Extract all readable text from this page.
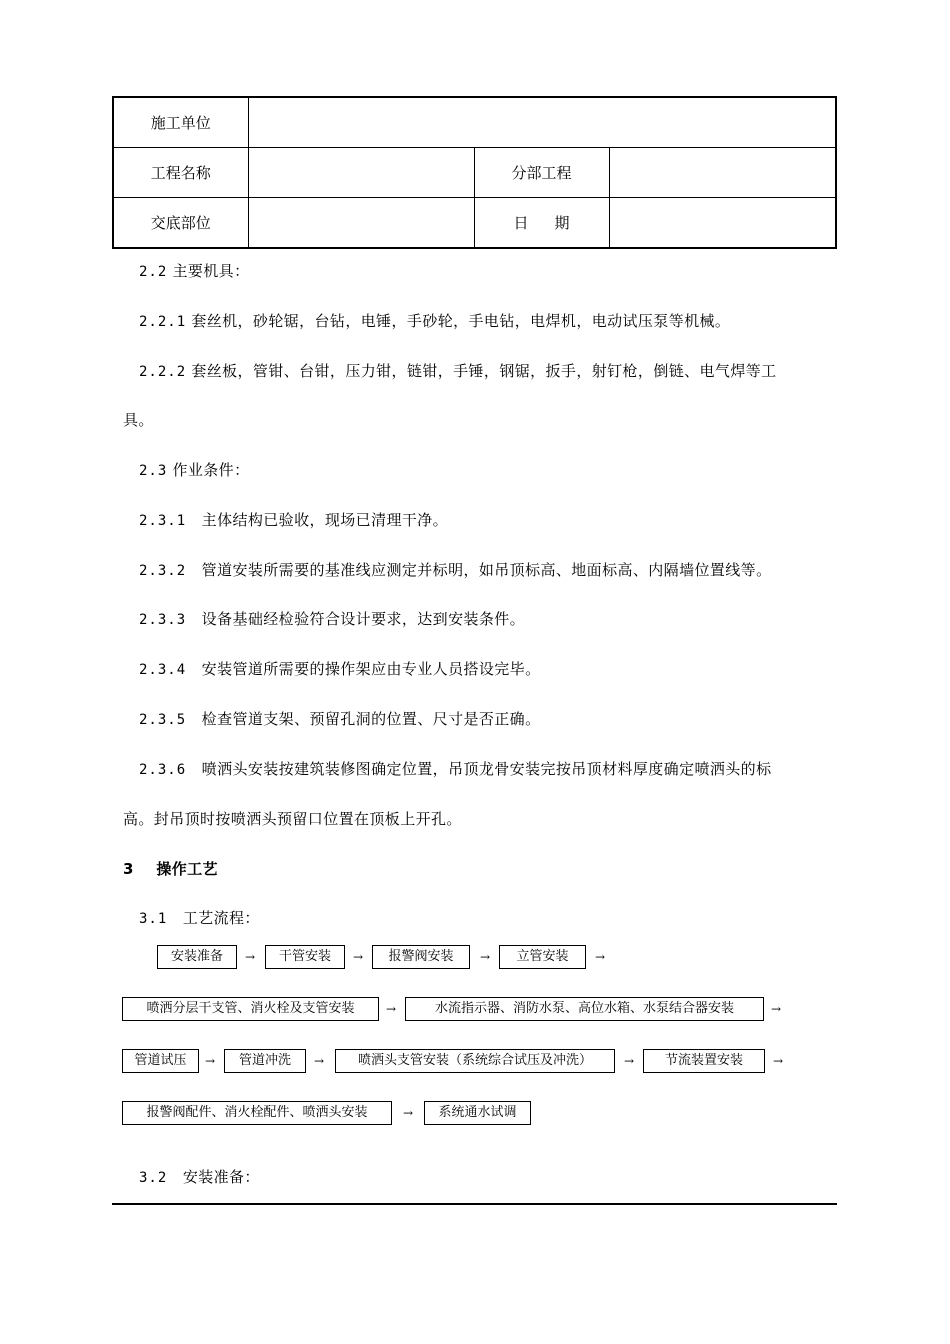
施工单位			
工程名称		分部工程	
交底部位		日期	
2.2 主要机具：
2.2.1 套丝机，砂轮锯，台钻，电锤，手砂轮，手电钻，电焊机，电动试压泵等机械。
2.2.2 套丝板，管钳、台钳，压力钳，链钳，手锤，钢锯，扳手，射钉枪，倒链、电气焊等工
具。
2.3 作业条件：
2.3.1 主体结构已验收，现场已清理干净。
2.3.2 管道安装所需要的基准线应测定并标明，如吊顶标高、地面标高、内隔墙位置线等。
2.3.3 设备基础经检验符合设计要求，达到安装条件。
2.3.4 安装管道所需要的操作架应由专业人员搭设完毕。
2.3.5 检查管道支架、预留孔洞的位置、尺寸是否正确。
2.3.6 喷洒头安装按建筑装修图确定位置，吊顶龙骨安装完按吊顶材料厚度确定喷洒头的标
高。封吊顶时按喷洒头预留口位置在顶板上开孔。
3 操作工艺
3.1 工艺流程：
安装准备	→	干管安装	→	报警阀安装	→	立管安装	→
喷洒分层干支管、消火栓及支管安装	→	水流指示器、消防水泵、高位水箱、水泵结合器安装	→
管道试压	→	管道冲洗	→	喷洒头支管安装（系统综合试压及冲洗）	→	节流装置安装	→
报警阀配件、消火栓配件、喷洒头安装	→	系统通水试调
3.2 安装准备：
